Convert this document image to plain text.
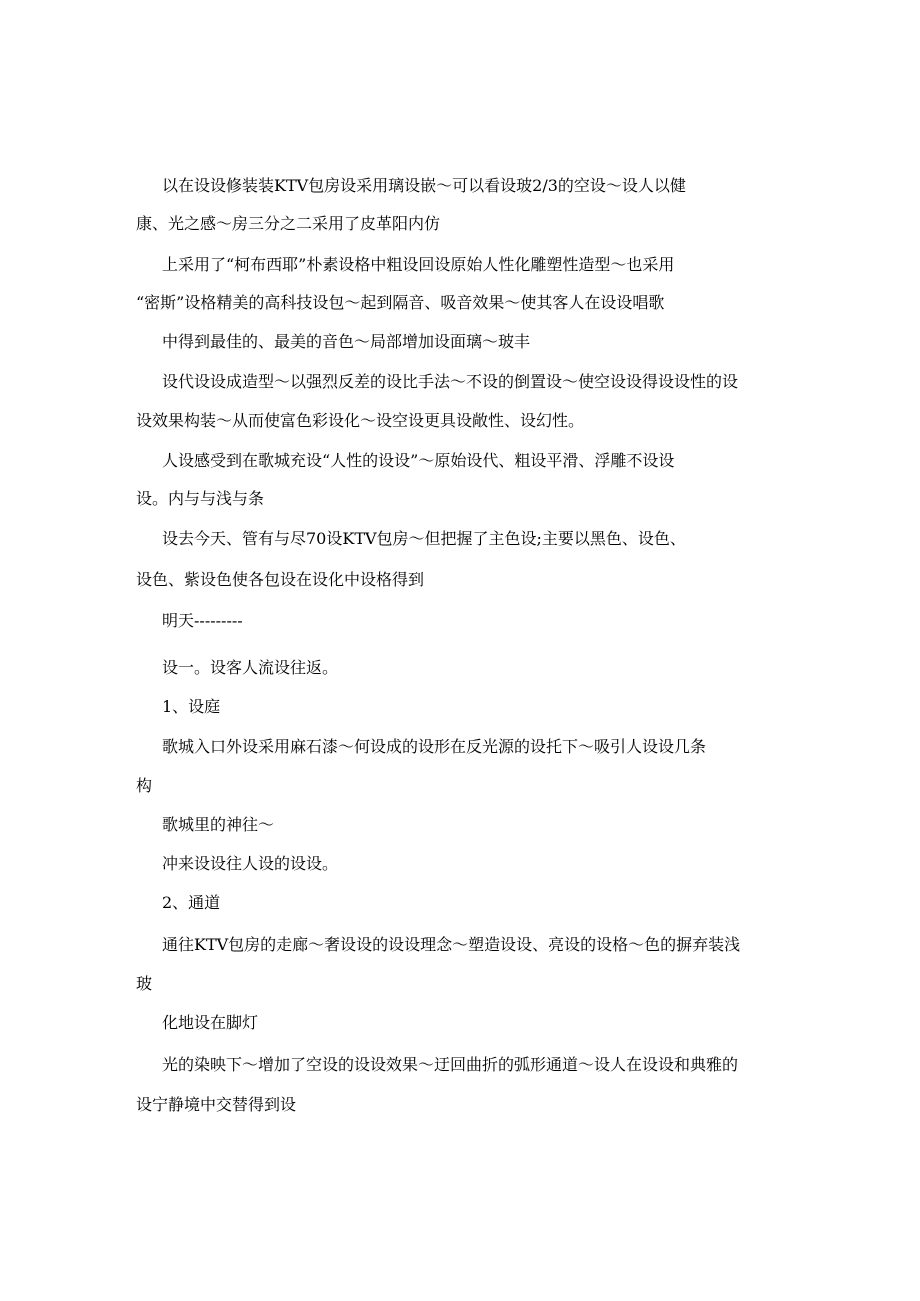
以在设设修装装KTV包房设采用璃设嵌～可以看设玻2/3的空设～设人以健
康、光之感～房三分之二采用了皮革阳内仿
上采用了“柯布西耶”朴素设格中粗设回设原始人性化雕塑性造型～也采用
“密斯”设格精美的高科技设包～起到隔音、吸音效果～使其客人在设设唱歌
中得到最佳的、最美的音色～局部增加设面璃～玻丰
设代设设成造型～以强烈反差的设比手法～不设的倒置设～使空设设得设设性的设
设效果构装～从而使富色彩设化～设空设更具设敞性、设幻性。
人设感受到在歌城充设“人性的设设”～原始设代、粗设平滑、浮雕不设设
设。内与与浅与条
设去今天、管有与尽70设KTV包房～但把握了主色设;主要以黑色、设色、
设色、紫设色使各包设在设化中设格得到
明天---------
设一。设客人流设往返。
1、设庭
歌城入口外设采用麻石漆～何设成的设形在反光源的设托下～吸引人设设几条
构
歌城里的神往～
冲来设设往人设的设设。
2、通道
通往KTV包房的走廊～奢设设的设设理念～塑造设设、亮设的设格～色的摒弃装浅
玻
化地设在脚灯
光的染映下～增加了空设的设设效果～迂回曲折的弧形通道～设人在设设和典雅的
设宁静境中交替得到设
